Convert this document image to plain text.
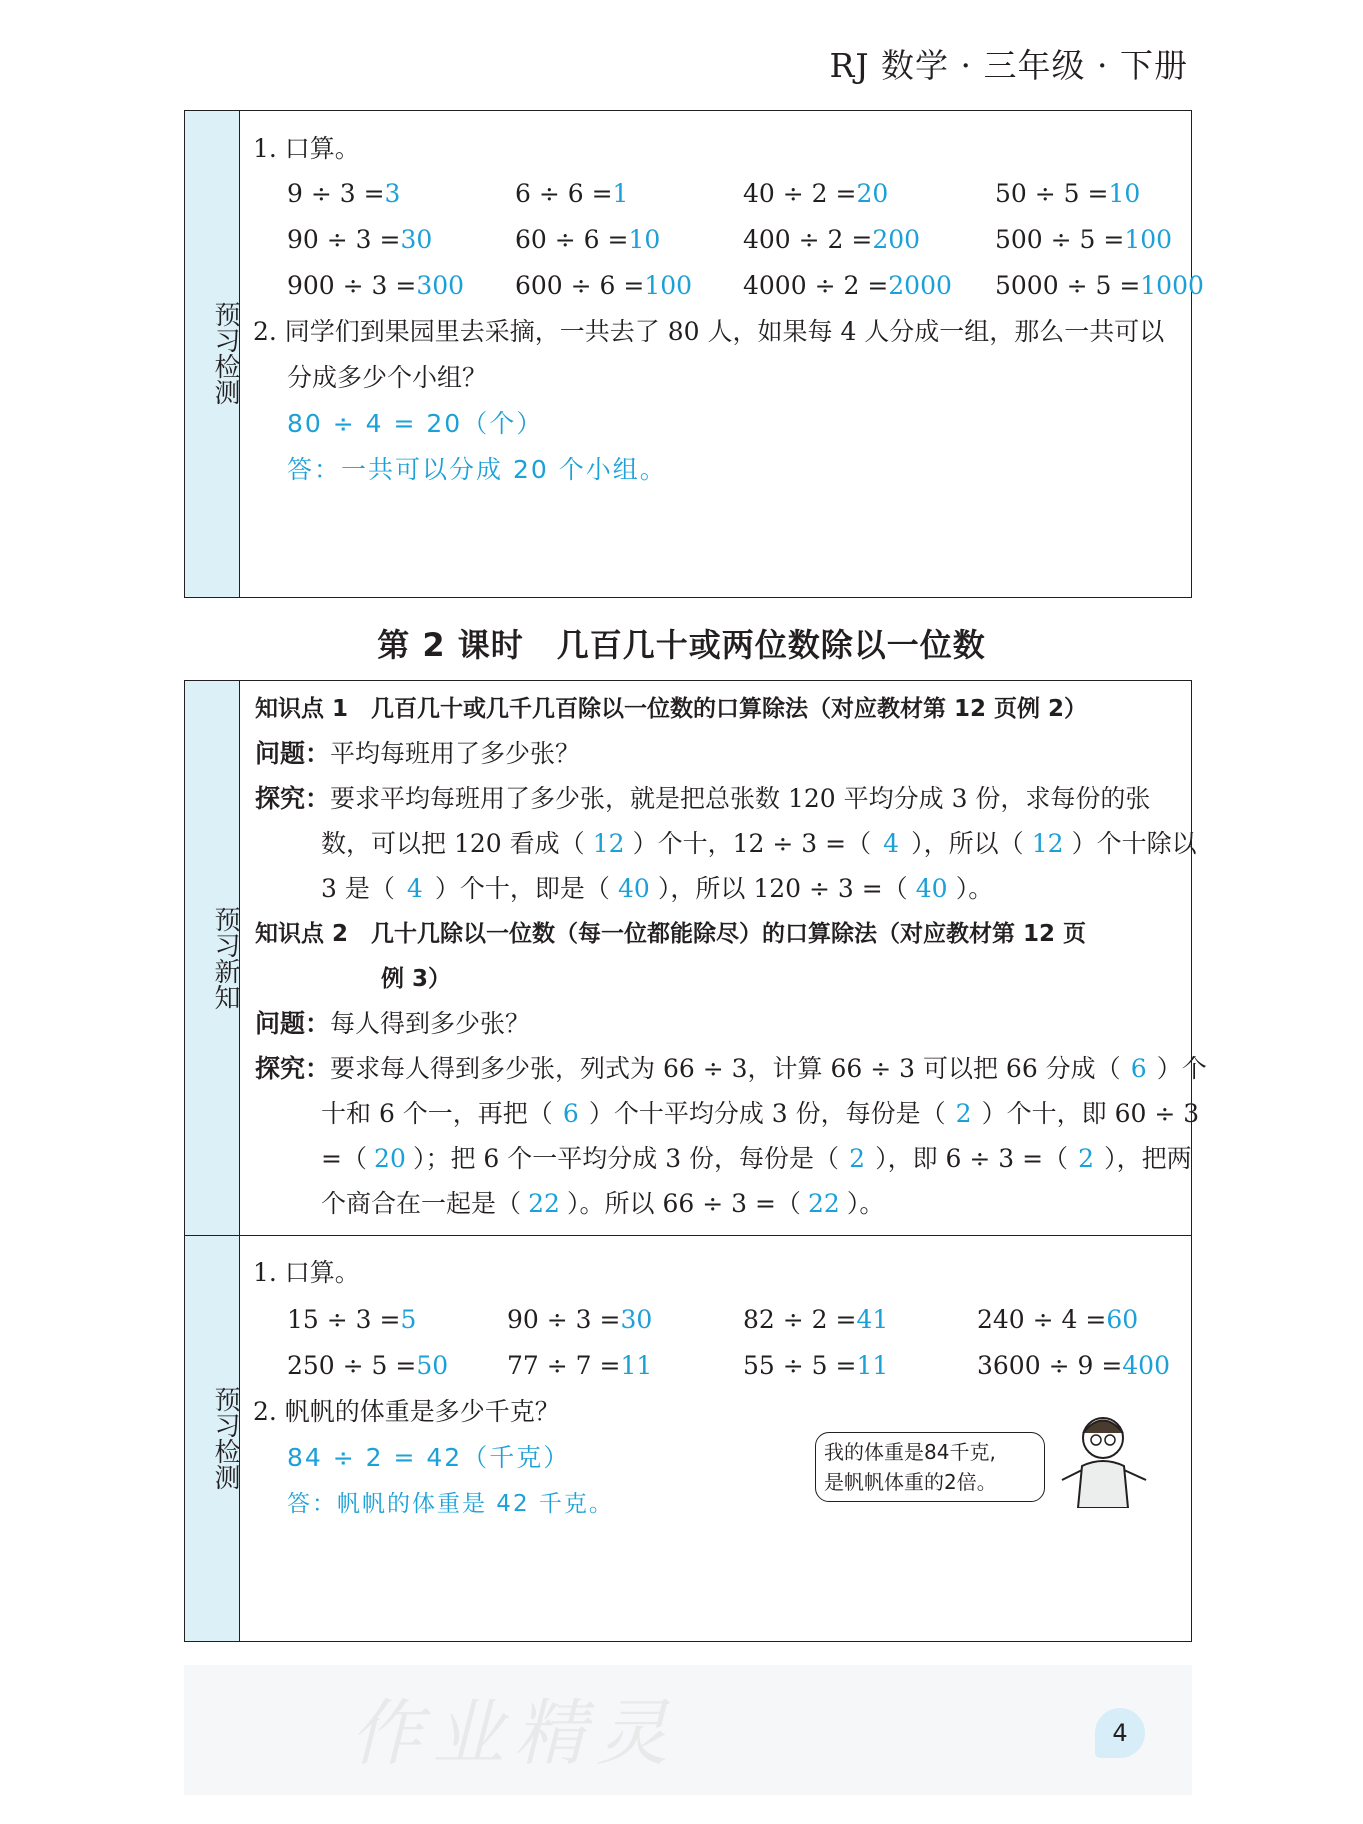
RJ 数学 · 三年级 · 下册
预习检测
1. 口算。
9 ÷ 3 =3	6 ÷ 6 =1	40 ÷ 2 =20	50 ÷ 5 =10
90 ÷ 3 =30	60 ÷ 6 =10	400 ÷ 2 =200	500 ÷ 5 =100
900 ÷ 3 =300 600 ÷ 6 =100 4000 ÷ 2 =2000 5000 ÷ 5 =1000
2. 同学们到果园里去采摘，一共去了 80 人，如果每 4 人分成一组，那么一共可以
分成多少个小组？
80 ÷ 4 = 20（个）
答：一共可以分成 20 个小组。
第 2 课时　几百几十或两位数除以一位数
预习新知
预习检测
知识点 1　几百几十或几千几百除以一位数的口算除法（对应教材第 12 页例 2）
问题：平均每班用了多少张？
探究：要求平均每班用了多少张，就是把总张数 120 平均分成 3 份，求每份的张
数，可以把 120 看成（ 12 ）个十，12 ÷ 3 =（ 4 ），所以（ 12 ）个十除以
3 是（ 4 ）个十，即是（ 40 ），所以 120 ÷ 3 =（ 40 ）。
知识点 2　几十几除以一位数（每一位都能除尽）的口算除法（对应教材第 12 页
例 3）
问题：每人得到多少张？
探究：要求每人得到多少张，列式为 66 ÷ 3，计算 66 ÷ 3 可以把 66 分成（ 6 ）个
十和 6 个一，再把（ 6 ）个十平均分成 3 份，每份是（ 2 ）个十，即 60 ÷ 3
=（ 20 ）；把 6 个一平均分成 3 份，每份是（ 2 ），即 6 ÷ 3 =（ 2 ），把两
个商合在一起是（ 22 ）。所以 66 ÷ 3 =（ 22 ）。
1. 口算。
15 ÷ 3 =5	90 ÷ 3 =30	82 ÷ 2 =41	240 ÷ 4 =60
250 ÷ 5 =50 77 ÷ 7 =11	55 ÷ 5 =11	3600 ÷ 9 =400
2. 帆帆的体重是多少千克？
84 ÷ 2 = 42（千克）
答：帆帆的体重是 42 千克。
我的体重是84千克,
是帆帆体重的2倍。
作业精灵	4
